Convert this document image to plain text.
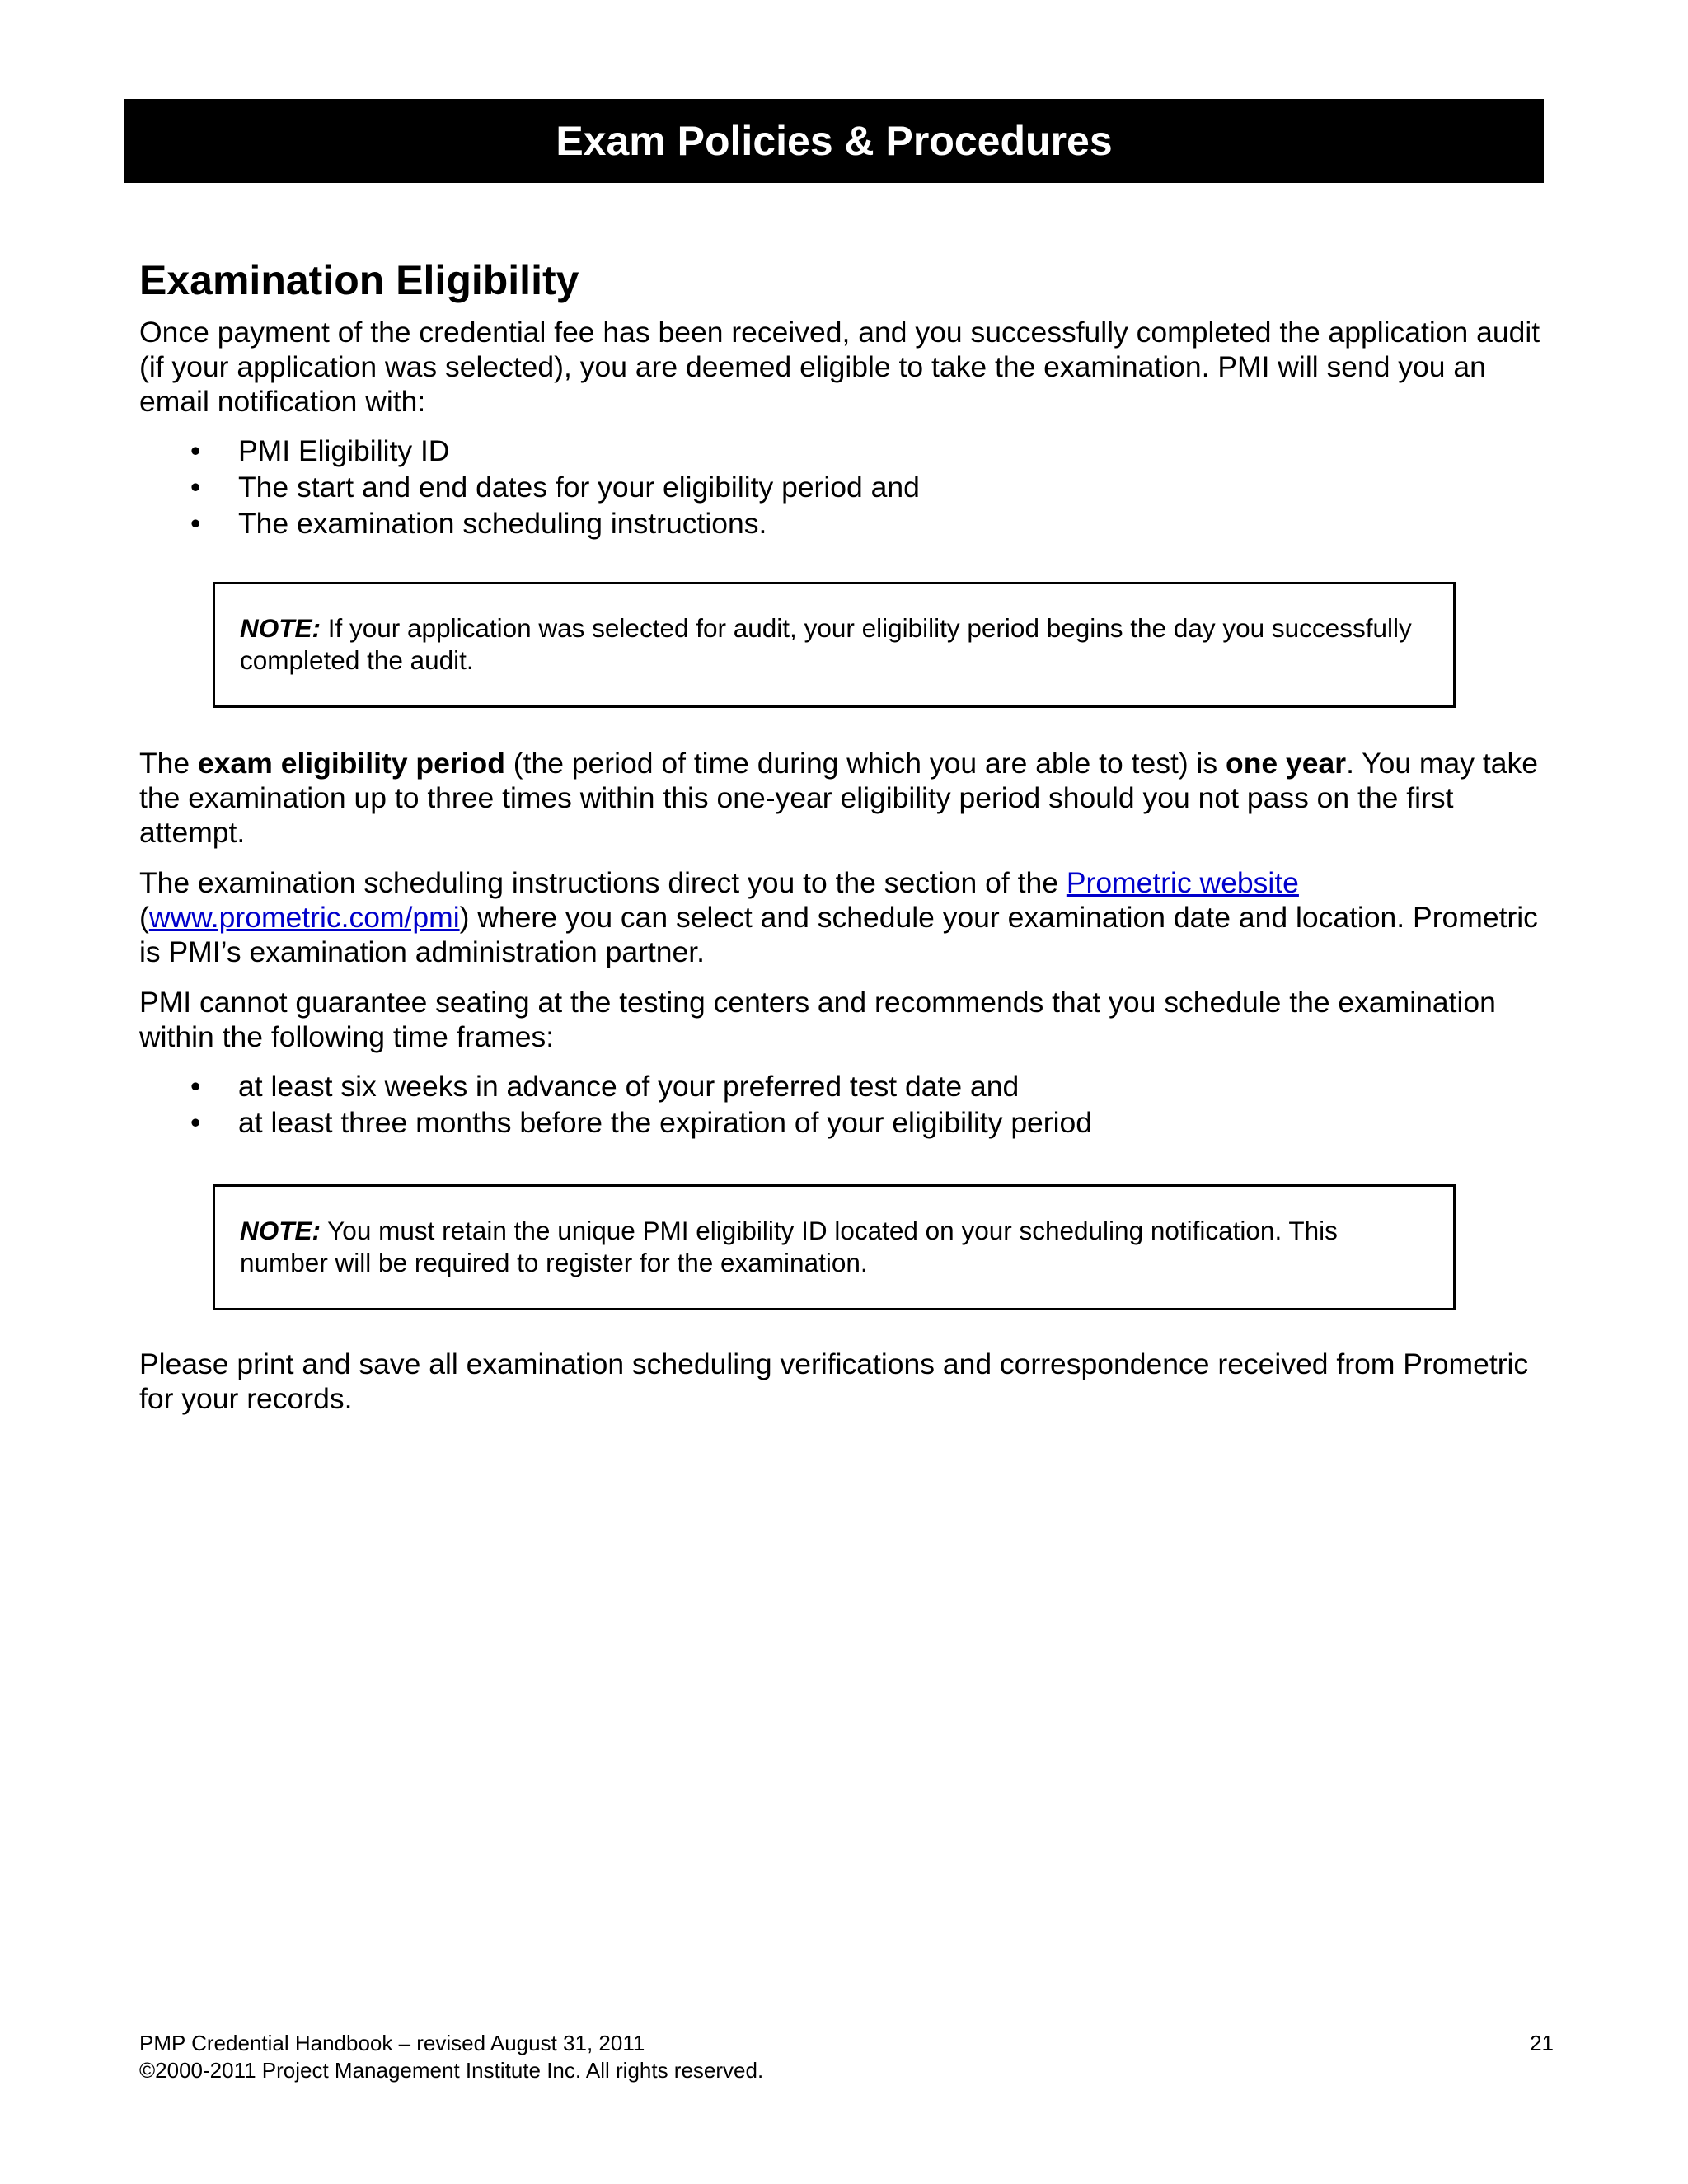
Exam Policies & Procedures
Examination Eligibility

Once payment of the credential fee has been received, and you successfully completed the application audit (if your application was selected), you are deemed eligible to take the examination. PMI will send you an email notification with:

• PMI Eligibility ID
• The start and end dates for your eligibility period and
• The examination scheduling instructions.
NOTE: If your application was selected for audit, your eligibility period begins the day you successfully completed the audit.

The exam eligibility period (the period of time during which you are able to test) is one year. You may take the examination up to three times within this one-year eligibility period should you not pass on the first attempt.

The examination scheduling instructions direct you to the section of the Prometric website (www.prometric.com/pmi) where you can select and schedule your examination date and location. Prometric is PMI’s examination administration partner.

PMI cannot guarantee seating at the testing centers and recommends that you schedule the examination within the following time frames:

• at least six weeks in advance of your preferred test date and
• at least three months before the expiration of your eligibility period
NOTE: You must retain the unique PMI eligibility ID located on your scheduling notification. This number will be required to register for the examination.

Please print and save all examination scheduling verifications and correspondence received from Prometric for your records.

PMP Credential Handbook – revised August 31, 2011
©2000-2011 Project Management Institute Inc. All rights reserved.
21
